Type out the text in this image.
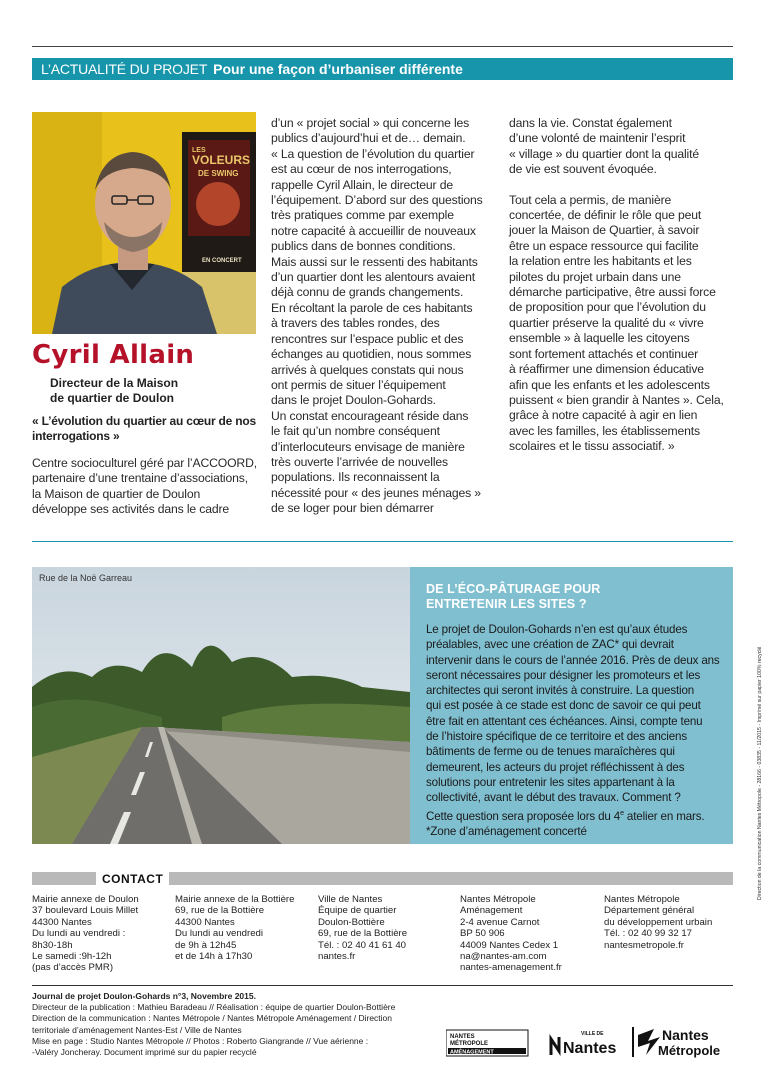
L’ACTUALITÉ DU PROJET Pour une façon d’urbaniser différente
LES
VOLEURS
DE SWING
EN CONCERT
Cyril Allain
Directeur de la Maison
de quartier de Doulon
« L’évolution du quartier au cœur de nos
interrogations »

Centre socioculturel géré par l’ACCOORD,

partenaire d’une trentaine d’associations,

la Maison de quartier de Doulon

développe ses activités dans le cadre

d’un « projet social » qui concerne les

publics d’aujourd’hui et de… demain.

« La question de l’évolution du quartier

est au cœur de nos interrogations,

rappelle Cyril Allain, le directeur de

l’équipement. D’abord sur des questions

très pratiques comme par exemple

notre capacité à accueillir de nouveaux

publics dans de bonnes conditions.

Mais aussi sur le ressenti des habitants

d’un quartier dont les alentours avaient

déjà connu de grands changements.

En récoltant la parole de ces habitants

à travers des tables rondes, des

rencontres sur l’espace public et des

échanges au quotidien, nous sommes

arrivés à quelques constats qui nous

ont permis de situer l’équipement

dans le projet Doulon-Gohards.

Un constat encourageant réside dans

le fait qu’un nombre conséquent

d’interlocuteurs envisage de manière

très ouverte l’arrivée de nouvelles

populations. Ils reconnaissent la

nécessité pour « des jeunes ménages »

de se loger pour bien démarrer

dans la vie. Constat également

d’une volonté de maintenir l’esprit

« village » du quartier dont la qualité

de vie est souvent évoquée.

Tout cela a permis, de manière

concertée, de définir le rôle que peut

jouer la Maison de Quartier, à savoir

être un espace ressource qui facilite

la relation entre les habitants et les

pilotes du projet urbain dans une

démarche participative, être aussi force

de proposition pour que l’évolution du

quartier préserve la qualité du « vivre

ensemble » à laquelle les citoyens

sont fortement attachés et continuer

à réaffirmer une dimension éducative

afin que les enfants et les adolescents

puissent « bien grandir à Nantes ». Cela,

grâce à notre capacité à agir en lien

avec les familles, les établissements

scolaires et le tissu associatif. »

Rue de la Noë Garreau
DE L’ÉCO-PÂTURAGE POUR
ENTRETENIR LES SITES ?
Le projet de Doulon-Gohards n’en est qu’aux études
préalables, avec une création de ZAC* qui devrait
intervenir dans le cours de l’année 2016. Près de deux ans
seront nécessaires pour désigner les promoteurs et les
architectes qui seront invités à construire. La question
qui est posée à ce stade est donc de savoir ce qui peut
être fait en attentant ces échéances. Ainsi, compte tenu
de l’histoire spécifique de ce territoire et des anciens
bâtiments de ferme ou de tenues maraîchères qui
demeurent, les acteurs du projet réfléchissent à des
solutions pour entretenir les sites appartenant à la
collectivité, avant le début des travaux. Comment ?
Cette question sera proposée lors du 4e atelier en mars.
*Zone d’aménagement concerté	Direction de la communication Nantes Métropole - 28166 - 03835 - 11/2015 - Imprimé sur papier 100% recyclé
CONTACT
Mairie annexe de Doulon
37 boulevard Louis Millet
44300 Nantes
Du lundi au vendredi :
8h30-18h
Le samedi :9h-12h
(pas d’accès PMR)
Mairie annexe de la Bottière
69, rue de la Bottière
44300 Nantes
Du lundi au vendredi
de 9h à 12h45
et de 14h à 17h30
Ville de Nantes
Équipe de quartier
Doulon-Bottière
69, rue de la Bottière
Tél. : 02 40 41 61 40
nantes.fr
Nantes Métropole
Aménagement
2-4 avenue Carnot
BP 50 906
44009 Nantes Cedex 1
na@nantes-am.com
nantes-amenagement.fr
Nantes Métropole
Département général
du développement urbain
Tél. : 02 40 99 32 17
nantesmetropole.fr
Journal de projet Doulon-Gohards n°3, Novembre 2015.
Directeur de la publication : Mathieu Baradeau // Réalisation : équipe de quartier Doulon-Bottière
Direction de la communication : Nantes Métropole / Nantes Métropole Aménagement / Direction
territoriale d’aménagement Nantes-Est / Ville de Nantes
Mise en page : Studio Nantes Métropole // Photos : Roberto Giangrande // Vue aérienne :
-Valéry Joncheray. Document imprimé sur du papier recyclé
NANTES
MÉTROPOLE
AMÉNAGEMENT
VILLE DE
Nantes
Nantes
Métropole
